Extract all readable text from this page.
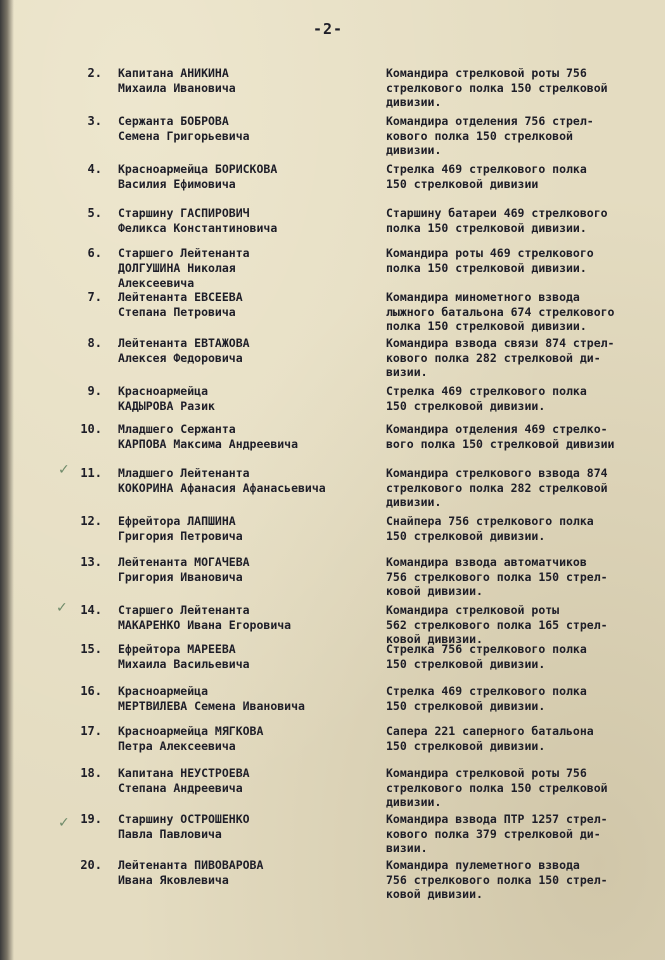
-2-
2. Капитана АНИКИНА
Михаила Ивановича
Командира стрелковой роты 756
стрелкового полка 150 стрелковой
дивизии.
3. Сержанта БОБРОВА
Семена Григорьевича
Командира отделения 756 стрел-
кового полка 150 стрелковой
дивизии.
4. Красноармейца БОРИСКОВА
Василия Ефимовича
Стрелка 469 стрелкового полка
150 стрелковой дивизии
5. Старшину ГАСПИРОВИЧ
Феликса Константиновича
Старшину батареи 469 стрелкового
полка 150 стрелковой дивизии.
6. Старшего Лейтенанта
ДОЛГУШИНА Николая
Алексеевича
Командира роты 469 стрелкового
полка 150 стрелковой дивизии.
7. Лейтенанта ЕВСЕЕВА
Степана Петровича
Командира минометного взвода
лыжного батальона 674 стрелкового
полка 150 стрелковой дивизии.
8. Лейтенанта ЕВТАЖОВА
Алексея Федоровича
Командира взвода связи 874 стрел-
кового полка 282 стрелковой ди-
визии.
9. Красноармейца
КАДЫРОВА Разик
Стрелка 469 стрелкового полка
150 стрелковой дивизии.
10. Младшего Сержанта
КАРПОВА Максима Андреевича
Командира отделения 469 стрелко-
вого полка 150 стрелковой дивизии
11. Младшего Лейтенанта
КОКОРИНА Афанасия Афанасьевича
Командира стрелкового взвода 874
стрелкового полка 282 стрелковой
дивизии.
12. Ефрейтора ЛАПШИНА
Григория Петровича
Снайпера 756 стрелкового полка
150 стрелковой дивизии.
13. Лейтенанта МОГАЧЕВА
Григория Ивановича
Командира взвода автоматчиков
756 стрелкового полка 150 стрел-
ковой дивизии.
14. Старшего Лейтенанта
МАКАРЕНКО Ивана Егоровича
Командира стрелковой роты
562 стрелкового полка 165 стрел-
ковой дивизии.
15. Ефрейтора МАРЕЕВА
Михаила Васильевича
Стрелка 756 стрелкового полка
150 стрелковой дивизии.
16. Красноармейца
МЕРТВИЛЕВА Семена Ивановича
Стрелка 469 стрелкового полка
150 стрелковой дивизии.
17. Красноармейца МЯГКОВА
Петра Алексеевича
Сапера 221 саперного батальона
150 стрелковой дивизии.
18. Капитана НЕУСТРОЕВА
Степана Андреевича
Командира стрелковой роты 756
стрелкового полка 150 стрелковой
дивизии.
19. Старшину ОСТРОШЕНКО
Павла Павловича
Командира взвода ПТР 1257 стрел-
кового полка 379 стрелковой ди-
визии.
20. Лейтенанта ПИВОВАРОВА
Ивана Яковлевича
Командира пулеметного взвода
756 стрелкового полка 150 стрел-
ковой дивизии.
✓
✓
✓
